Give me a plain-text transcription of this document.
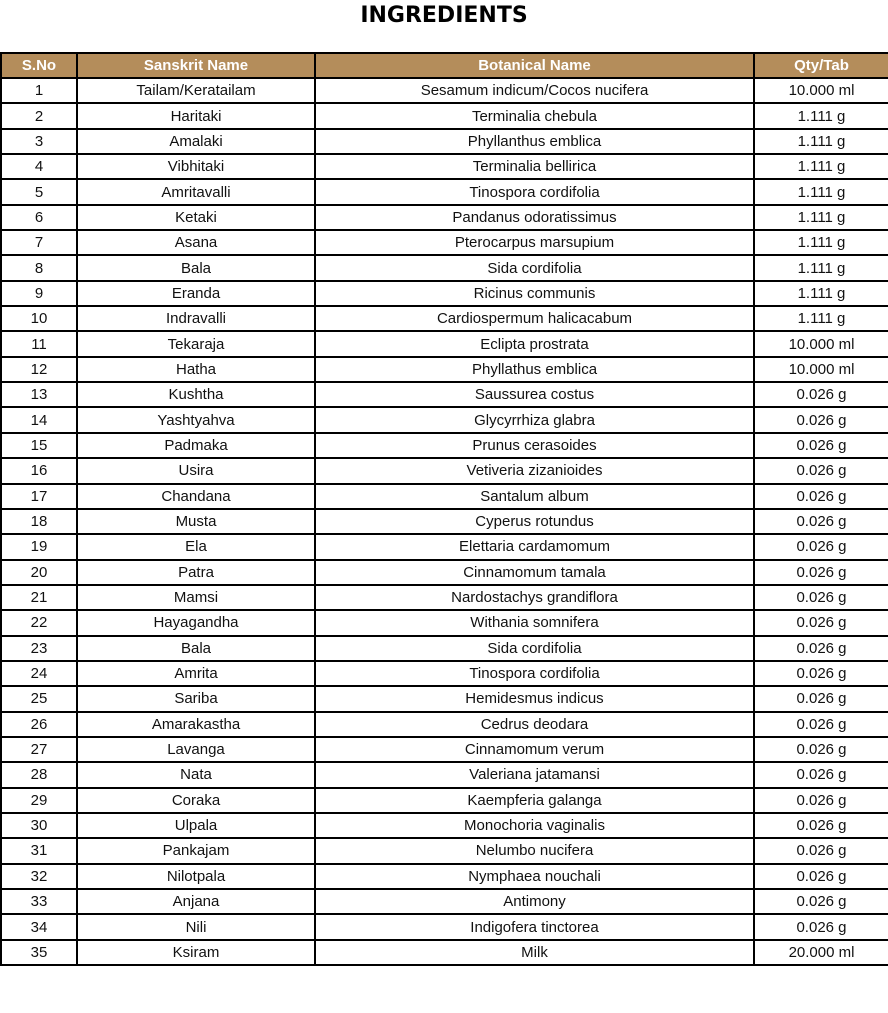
INGREDIENTS
S.No	Sanskrit Name	Botanical Name	Qty/Tab
1	Tailam/Keratailam	Sesamum indicum/Cocos nucifera	10.000 ml
2	Haritaki	Terminalia chebula	1.111 g
3	Amalaki	Phyllanthus emblica	1.111 g
4	Vibhitaki	Terminalia bellirica	1.111 g
5	Amritavalli	Tinospora cordifolia	1.111 g
6	Ketaki	Pandanus odoratissimus	1.111 g
7	Asana	Pterocarpus marsupium	1.111 g
8	Bala	Sida cordifolia	1.111 g
9	Eranda	Ricinus communis	1.111 g
10	Indravalli	Cardiospermum halicacabum	1.111 g
11	Tekaraja	Eclipta prostrata	10.000 ml
12	Hatha	Phyllathus emblica	10.000 ml
13	Kushtha	Saussurea costus	0.026 g
14	Yashtyahva	Glycyrrhiza glabra	0.026 g
15	Padmaka	Prunus cerasoides	0.026 g
16	Usira	Vetiveria zizanioides	0.026 g
17	Chandana	Santalum album	0.026 g
18	Musta	Cyperus rotundus	0.026 g
19	Ela	Elettaria cardamomum	0.026 g
20	Patra	Cinnamomum tamala	0.026 g
21	Mamsi	Nardostachys grandiflora	0.026 g
22	Hayagandha	Withania somnifera	0.026 g
23	Bala	Sida cordifolia	0.026 g
24	Amrita	Tinospora cordifolia	0.026 g
25	Sariba	Hemidesmus indicus	0.026 g
26	Amarakastha	Cedrus deodara	0.026 g
27	Lavanga	Cinnamomum verum	0.026 g
28	Nata	Valeriana jatamansi	0.026 g
29	Coraka	Kaempferia galanga	0.026 g
30	Ulpala	Monochoria vaginalis	0.026 g
31	Pankajam	Nelumbo nucifera	0.026 g
32	Nilotpala	Nymphaea nouchali	0.026 g
33	Anjana	Antimony	0.026 g
34	Nili	Indigofera tinctorea	0.026 g
35	Ksiram	Milk	20.000 ml
